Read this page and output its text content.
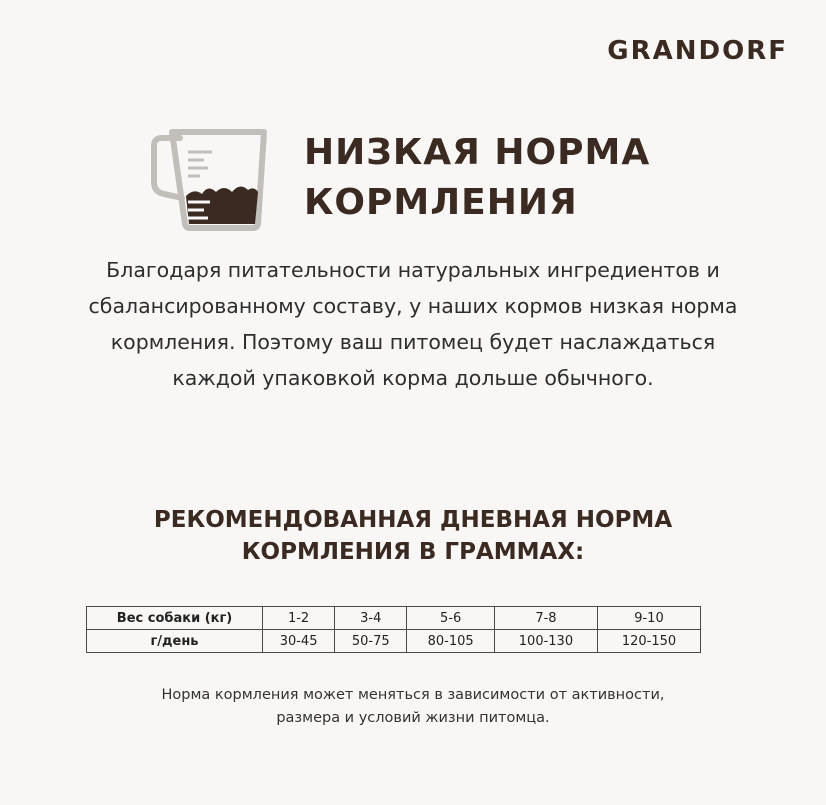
GRANDORF
НИЗКАЯ НОРМА
КОРМЛЕНИЯ

Благодаря питательности натуральных ингредиентов и
сбалансированному составу, у наших кормов низкая норма
кормления. Поэтому ваш питомец будет наслаждаться
каждой упаковкой корма дольше обычного.

РЕКОМЕНДОВАННАЯ ДНЕВНАЯ НОРМА
КОРМЛЕНИЯ В ГРАММАХ:
Вес собаки (кг)	1-2	3-4	5-6	7-8	9-10
г/день	30-45	50-75	80-105	100-130	120-150

Норма кормления может меняться в зависимости от активности,
размера и условий жизни питомца.
